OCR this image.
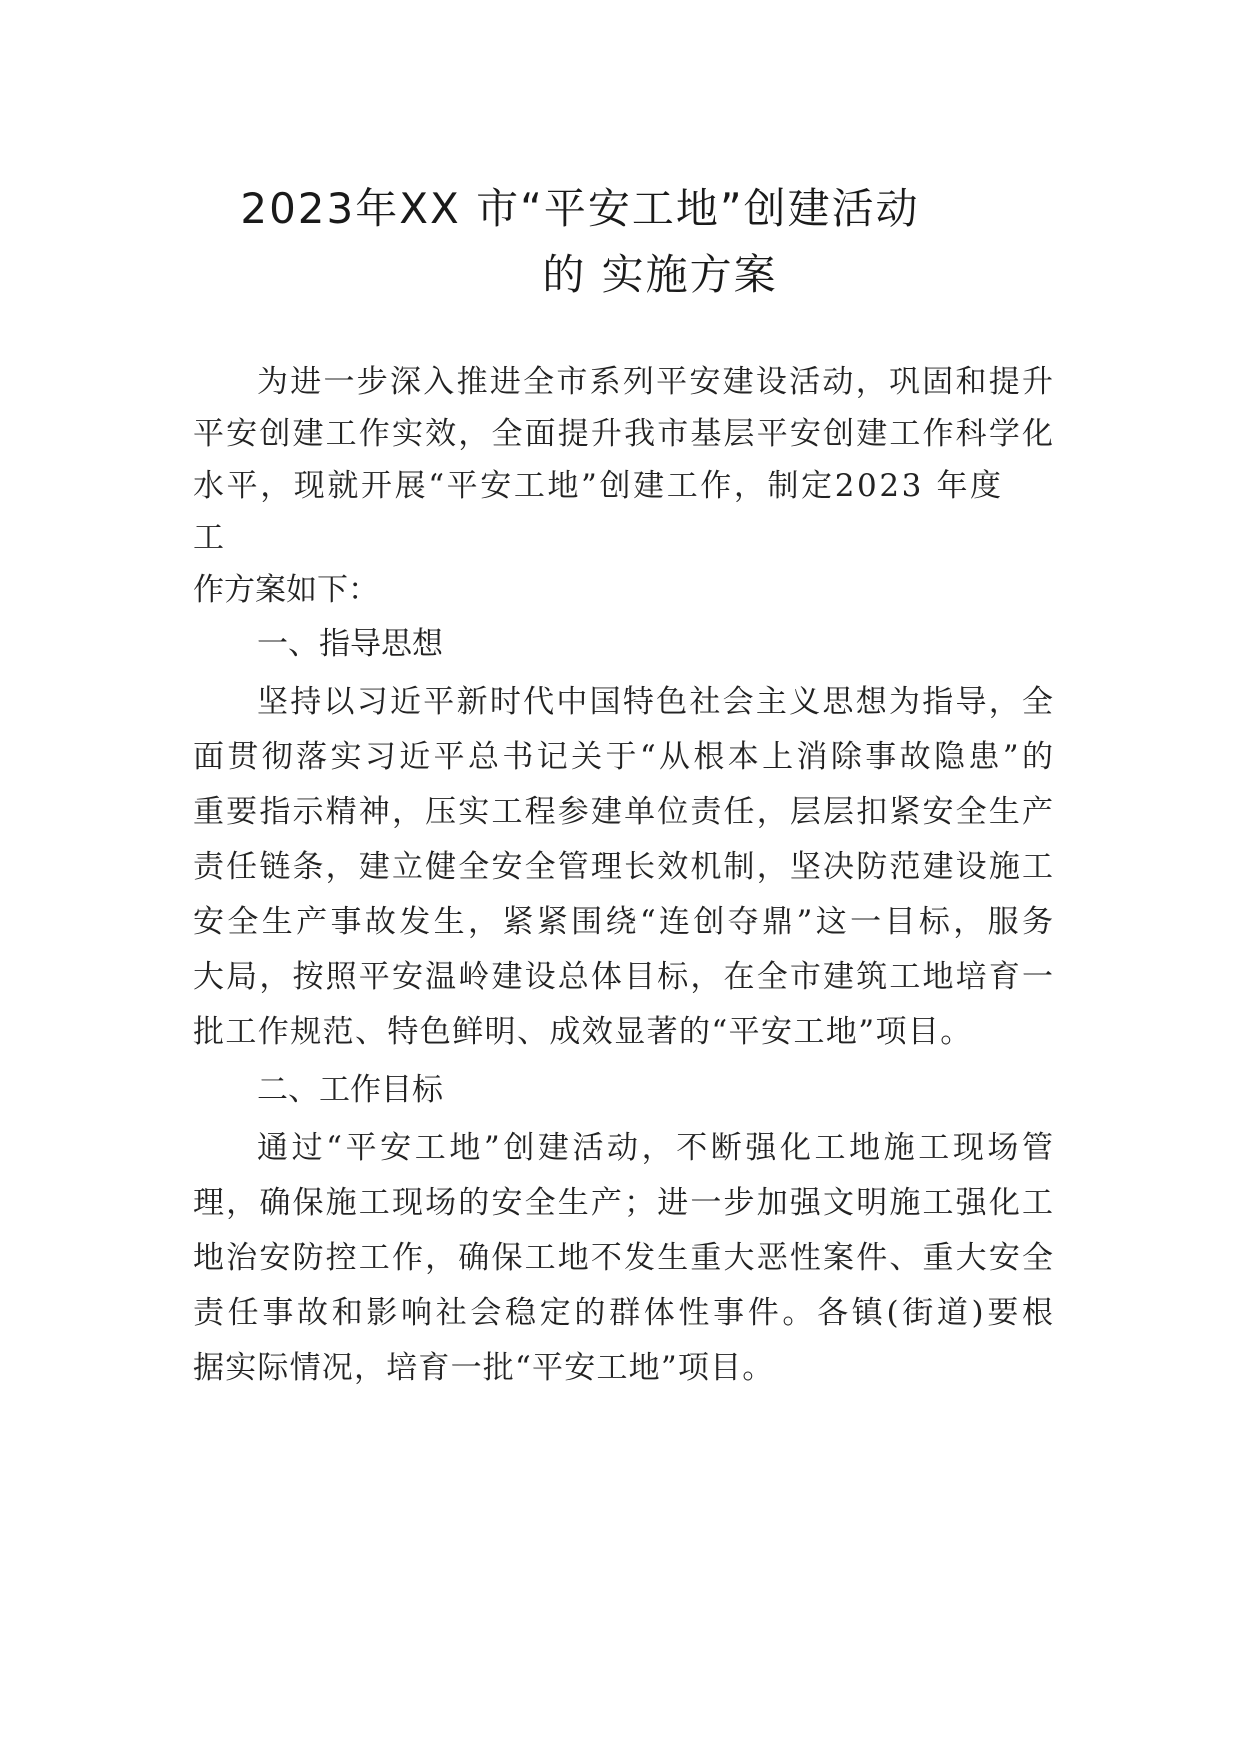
2023年XX 市“平安工地”创建活动
的 实施方案
为进一步深入推进全市系列平安建设活动，巩固和提升
平安创建工作实效，全面提升我市基层平安创建工作科学化
水平，现就开展“平安工地”创建工作，制定2023 年度
工
作方案如下：
一、指导思想
坚持以习近平新时代中国特色社会主义思想为指导，全
面贯彻落实习近平总书记关于“从根本上消除事故隐患”的
重要指示精神，压实工程参建单位责任，层层扣紧安全生产
责任链条，建立健全安全管理长效机制，坚决防范建设施工
安全生产事故发生，紧紧围绕“连创夺鼎”这一目标，服务
大局，按照平安温岭建设总体目标，在全市建筑工地培育一
批工作规范、特色鲜明、成效显著的“平安工地”项目。
二、工作目标
通过“平安工地”创建活动，不断强化工地施工现场管
理，确保施工现场的安全生产；进一步加强文明施工强化工
地治安防控工作，确保工地不发生重大恶性案件、重大安全
责任事故和影响社会稳定的群体性事件。各镇(街道)要根
据实际情况，培育一批“平安工地”项目。
